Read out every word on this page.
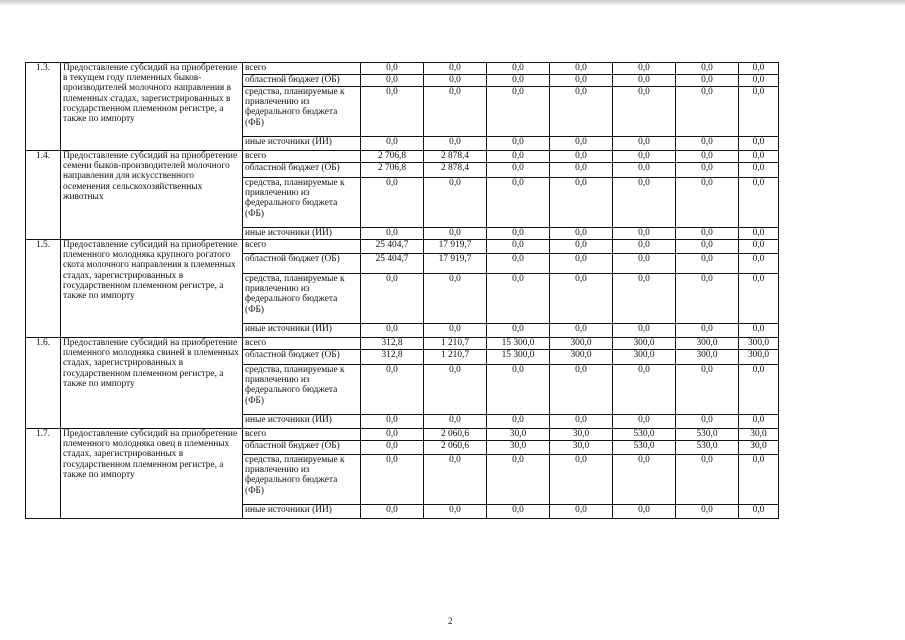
1.3.	Предоставление субсидий на приобретение в текущем году племенных быков-производителей молочного направления в племенных стадах, зарегистрированных в государственном племенном регистре, а также по импорту	всего	0,0	0,0	0,0	0,0	0,0	0,0	0,0
		областной бюджет (ОБ)	0,0	0,0	0,0	0,0	0,0	0,0	0,0
		средства, планируемые к привлечению из федерального бюджета (ФБ)	0,0	0,0	0,0	0,0	0,0	0,0	0,0
		иные источники (ИИ)	0,0	0,0	0,0	0,0	0,0	0,0	0,0
1.4.	Предоставление субсидий на приобретение семени быков-производителей молочного направления для искусственного осеменения сельскохозяйственных животных	всего	2 706,8	2 878,4	0,0	0,0	0,0	0,0	0,0
		областной бюджет (ОБ)	2 706,8	2 878,4	0,0	0,0	0,0	0,0	0,0
		средства, планируемые к привлечению из федерального бюджета (ФБ)	0,0	0,0	0,0	0,0	0,0	0,0	0,0
		иные источники (ИИ)	0,0	0,0	0,0	0,0	0,0	0,0	0,0
1.5.	Предоставление субсидий на приобретение племенного молодняка крупного рогатого скота молочного направления в племенных стадах, зарегистрированных в государственном племенном регистре, а также по импорту	всего	25 404,7	17 919,7	0,0	0,0	0,0	0,0	0,0
		областной бюджет (ОБ)	25 404,7	17 919,7	0,0	0,0	0,0	0,0	0,0
		средства, планируемые к привлечению из федерального бюджета (ФБ)	0,0	0,0	0,0	0,0	0,0	0,0	0,0
		иные источники (ИИ)	0,0	0,0	0,0	0,0	0,0	0,0	0,0
1.6.	Предоставление субсидий на приобретение племенного молодняка свиней в племенных стадах, зарегистрированных в государственном племенном регистре, а также по импорту	всего	312,8	1 210,7	15 300,0	300,0	300,0	300,0	300,0
		областной бюджет (ОБ)	312,8	1 210,7	15 300,0	300,0	300,0	300,0	300,0
		средства, планируемые к привлечению из федерального бюджета (ФБ)	0,0	0,0	0,0	0,0	0,0	0,0	0,0
		иные источники (ИИ)	0,0	0,0	0,0	0,0	0,0	0,0	0,0
1.7.	Предоставление субсидий на приобретение племенного молодняка овец в племенных стадах, зарегистрированных в государственном племенном регистре, а также по импорту	всего	0,0	2 060,6	30,0	30,0	530,0	530,0	30,0
		областной бюджет (ОБ)	0,0	2 060,6	30,0	30,0	530,0	530,0	30,0
		средства, планируемые к привлечению из федерального бюджета (ФБ)	0,0	0,0	0,0	0,0	0,0	0,0	0,0
		иные источники (ИИ)	0,0	0,0	0,0	0,0	0,0	0,0	0,0
2
